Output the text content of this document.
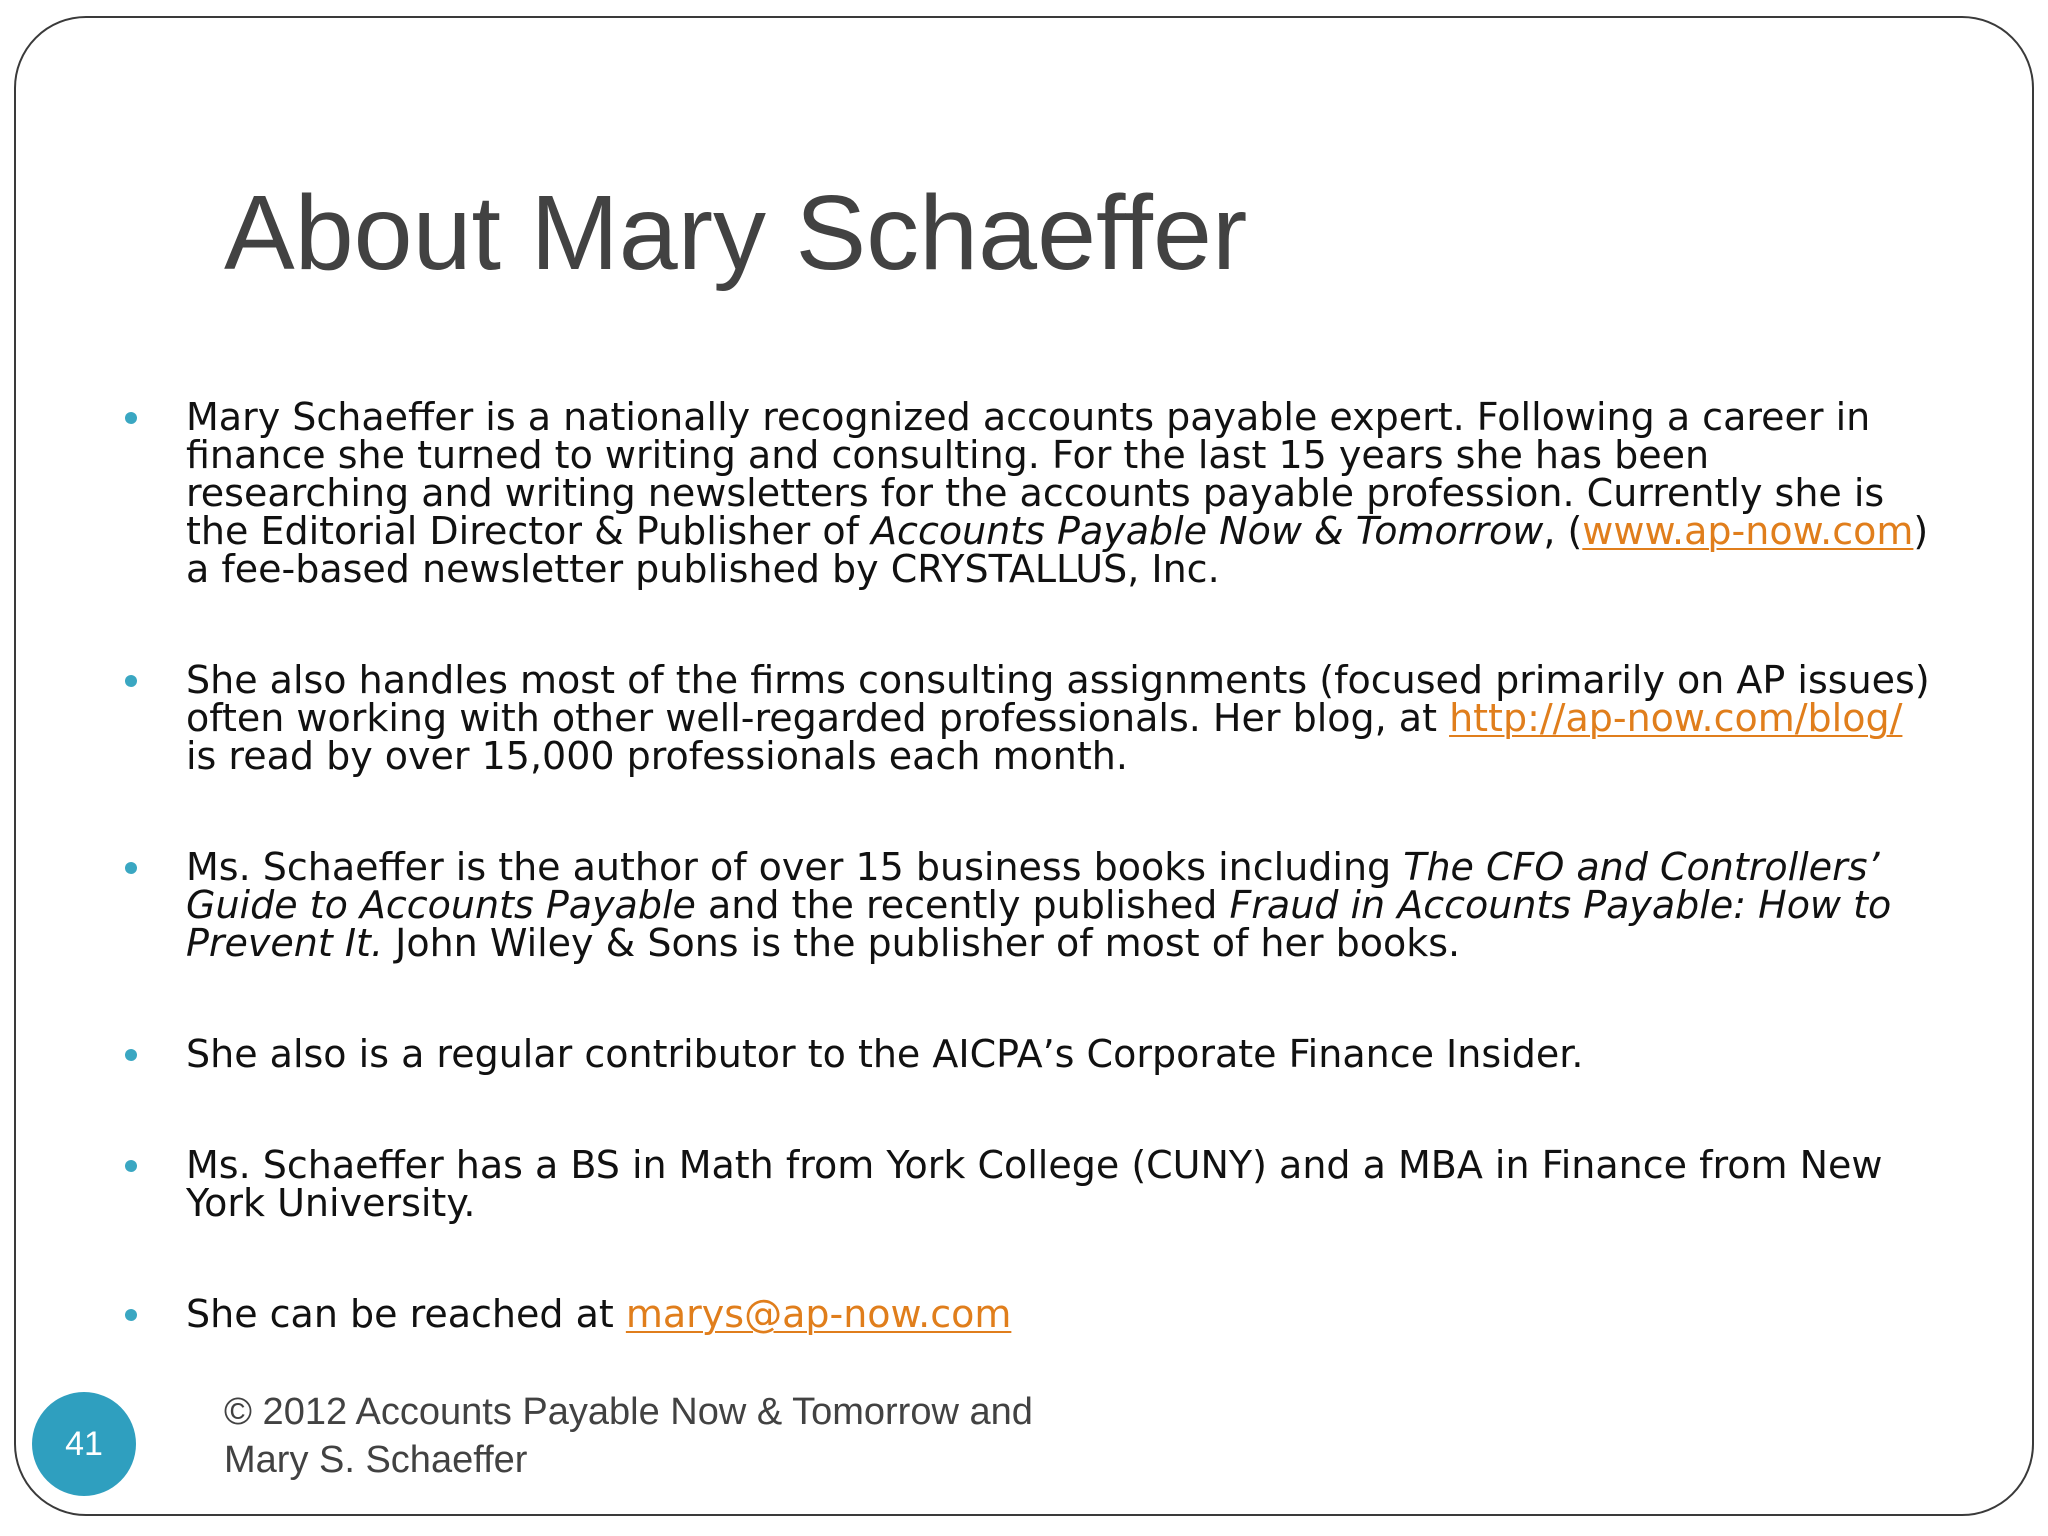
About Mary Schaeffer
Mary Schaeffer is a nationally recognized accounts payable expert. Following a career in finance she turned to writing and consulting. For the last 15 years she has been researching and writing newsletters for the accounts payable profession. Currently she is the Editorial Director & Publisher of Accounts Payable Now & Tomorrow, (www.ap-now.com) a fee-based newsletter published by CRYSTALLUS, Inc.
She also handles most of the firms consulting assignments (focused primarily on AP issues) often working with other well-regarded professionals. Her blog, at http://ap-now.com/blog/ is read by over 15,000 professionals each month.
Ms. Schaeffer is the author of over 15 business books including The CFO and Controllers’ Guide to Accounts Payable and the recently published Fraud in Accounts Payable: How to Prevent It. John Wiley & Sons is the publisher of most of her books.
She also is a regular contributor to the AICPA’s Corporate Finance Insider.
Ms. Schaeffer has a BS in Math from York College (CUNY) and a MBA in Finance from New York University.
She can be reached at marys@ap-now.com
41
© 2012 Accounts Payable Now & Tomorrow and
Mary S. Schaeffer
